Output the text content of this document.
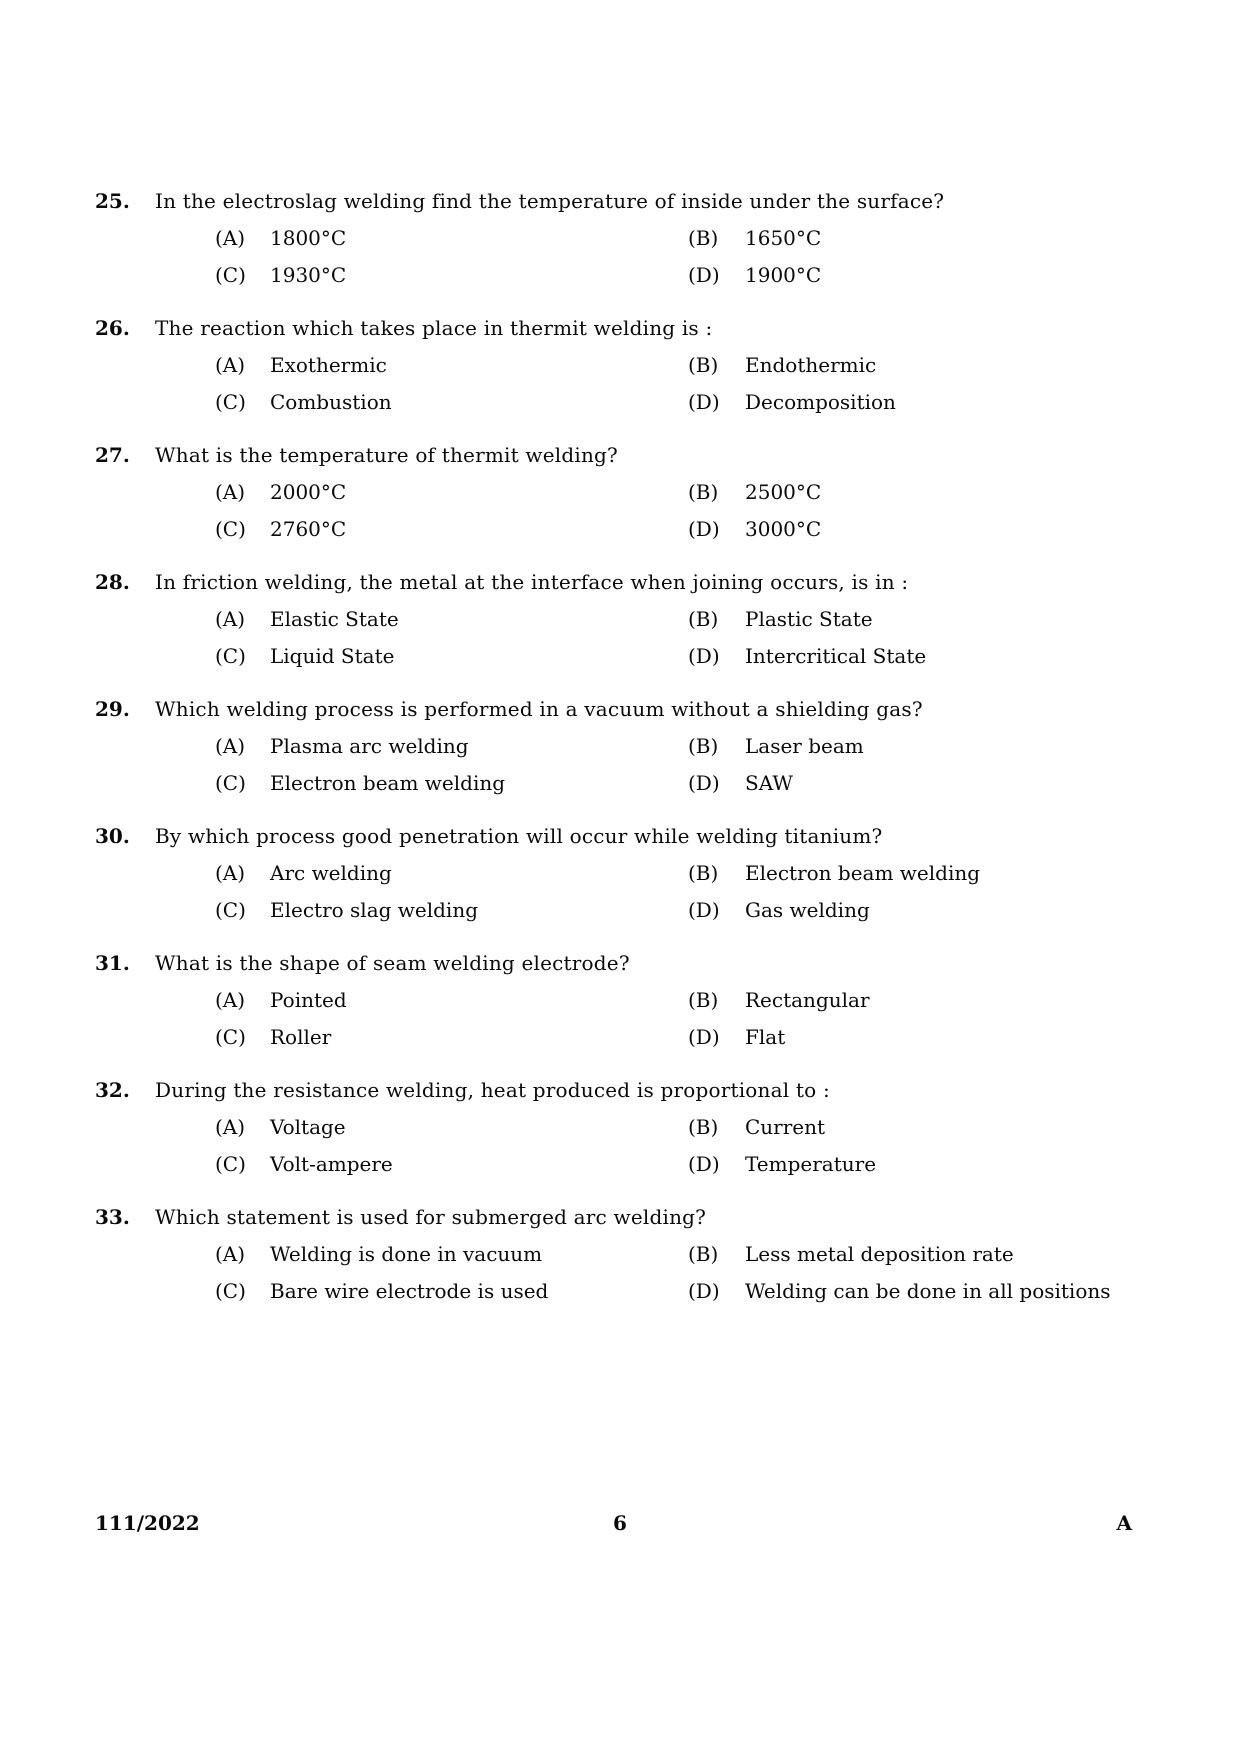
25.	In the electroslag welding find the temperature of inside under the surface?
(A)	1800°C	(B)	1650°C
(C)	1930°C	(D)	1900°C
26.	The reaction which takes place in thermit welding is :
(A)	Exothermic	(B)	Endothermic
(C)	Combustion	(D)	Decomposition
27.	What is the temperature of thermit welding?
(A)	2000°C	(B)	2500°C
(C)	2760°C	(D)	3000°C
28.	In friction welding, the metal at the interface when joining occurs, is in :
(A)	Elastic State	(B)	Plastic State
(C)	Liquid State	(D)	Intercritical State
29.	Which welding process is performed in a vacuum without a shielding gas?
(A)	Plasma arc welding	(B)	Laser beam
(C)	Electron beam welding	(D)	SAW
30.	By which process good penetration will occur while welding titanium?
(A)	Arc welding	(B)	Electron beam welding
(C)	Electro slag welding	(D)	Gas welding
31.	What is the shape of seam welding electrode?
(A)	Pointed	(B)	Rectangular
(C)	Roller	(D)	Flat
32.	During the resistance welding, heat produced is proportional to :
(A)	Voltage	(B)	Current
(C)	Volt-ampere	(D)	Temperature
33.	Which statement is used for submerged arc welding?
(A)	Welding is done in vacuum	(B)	Less metal deposition rate
(C)	Bare wire electrode is used	(D)	Welding can be done in all positions
111/2022	6	A
